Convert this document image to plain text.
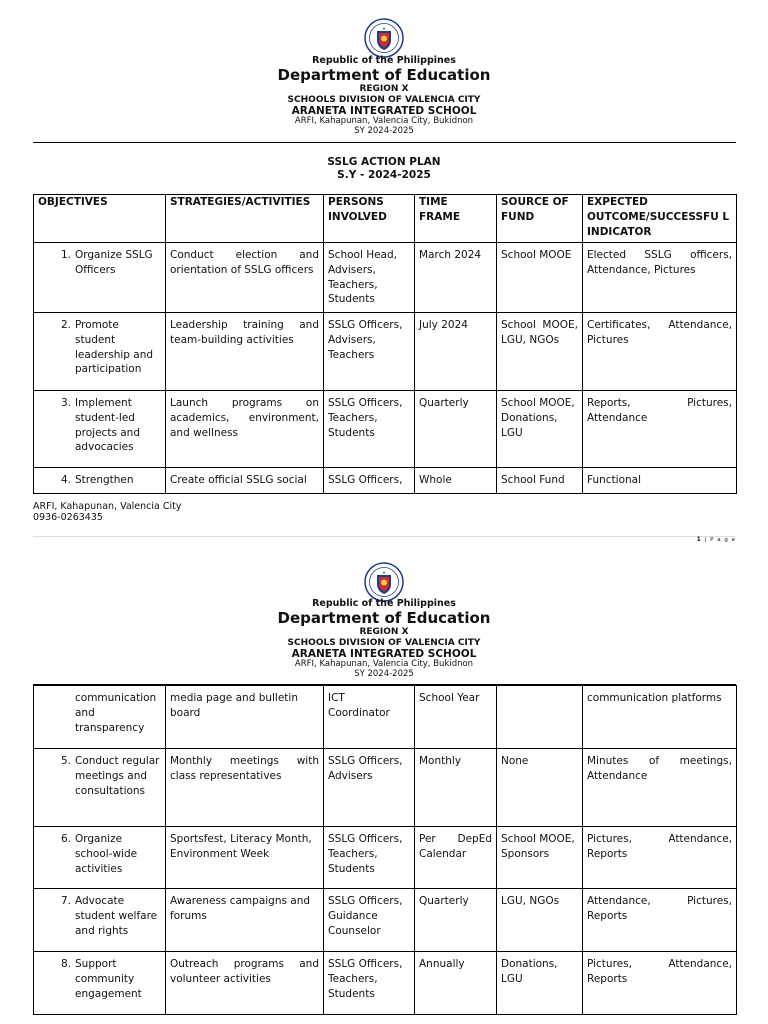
Republic of the Philippines
Department of Education
REGION X
SCHOOLS DIVISION OF VALENCIA CITY
ARANETA INTEGRATED SCHOOL
ARFI, Kahapunan, Valencia City, Bukidnon
SY 2024-2025
SSLG ACTION PLAN
S.Y - 2024-2025
OBJECTIVES	STRATEGIES/ACTIVITIES	PERSONS INVOLVED	TIME FRAME	SOURCE OF FUND	EXPECTED OUTCOME/SUCCESSFU L INDICATOR

1. Organize SSLG Officers	Conduct election and orientation of SSLG officers	School Head, Advisers, Teachers, Students	March 2024	School MOOE	Elected SSLG officers, Attendance, Pictures

2. Promote student leadership and participation	Leadership training and team-building activities	SSLG Officers, Advisers, Teachers	July 2024	School MOOE, LGU, NGOs	Certificates, Attendance, Pictures

3. Implement student-led projects and advocacies	Launch programs on academics, environment, and wellness	SSLG Officers, Teachers, Students	Quarterly	School MOOE, Donations, LGU	Reports, Pictures, Attendance

4. Strengthen	Create official SSLG social	SSLG Officers,	Whole	School Fund	Functional
ARFI, Kahapunan, Valencia City
0936-0263435
1 | P a g e
Republic of the Philippines
Department of Education
REGION X
SCHOOLS DIVISION OF VALENCIA CITY
ARANETA INTEGRATED SCHOOL
ARFI, Kahapunan, Valencia City, Bukidnon
SY 2024-2025
communication and transparency	media page and bulletin board	ICT Coordinator	School Year		communication platforms

5. Conduct regular meetings and consultations	Monthly meetings with class representatives	SSLG Officers, Advisers	Monthly	None	Minutes of meetings, Attendance

6. Organize school-wide activities	Sportsfest, Literacy Month, Environment Week	SSLG Officers, Teachers, Students	Per DepEd Calendar	School MOOE, Sponsors	Pictures, Attendance, Reports

7. Advocate student welfare and rights	Awareness campaigns and forums	SSLG Officers, Guidance Counselor	Quarterly	LGU, NGOs	Attendance, Pictures, Reports

8. Support community engagement	Outreach programs and volunteer activities	SSLG Officers, Teachers, Students	Annually	Donations, LGU	Pictures, Attendance, Reports
